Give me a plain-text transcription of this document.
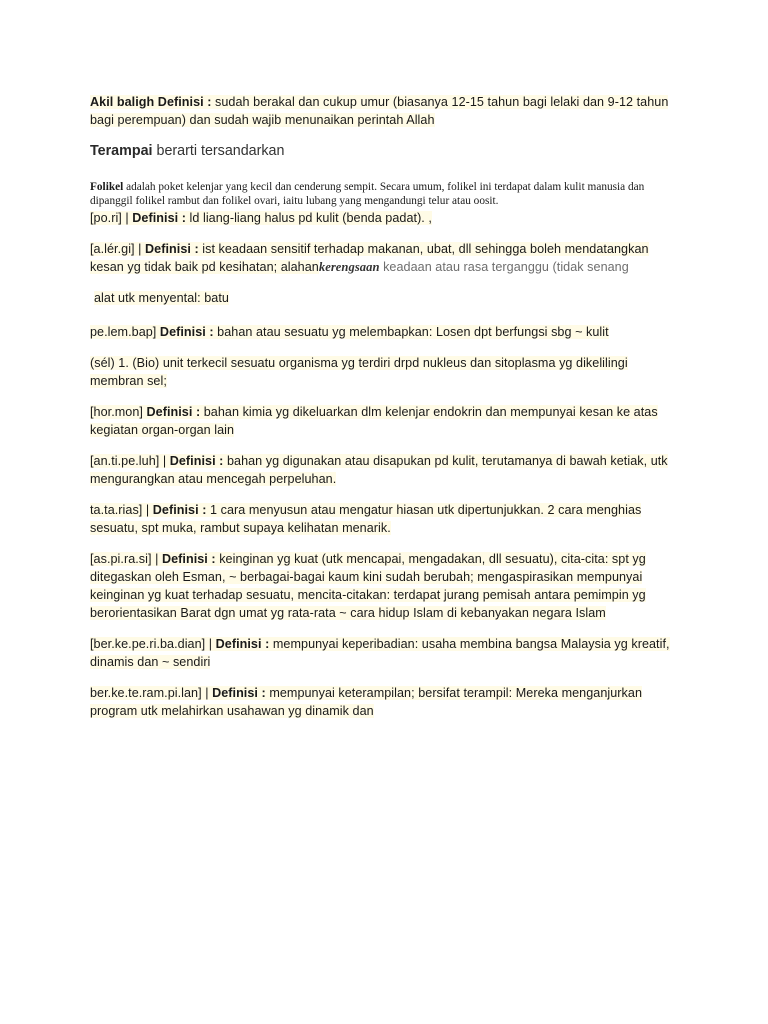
Akil baligh Definisi : sudah berakal dan cukup umur (biasanya 12-15 tahun bagi lelaki dan 9-12 tahun bagi perempuan) dan sudah wajib menunaikan perintah Allah

Terampai berarti tersandarkan

Folikel adalah poket kelenjar yang kecil dan cenderung sempit. Secara umum, folikel ini terdapat dalam kulit manusia dan dipanggil folikel rambut dan folikel ovari, iaitu lubang yang mengandungi telur atau oosit.

[po.ri] | Definisi : ld liang-liang halus pd kulit (benda padat). ,

[a.lér.gi] | Definisi : ist keadaan sensitif terhadap makanan, ubat, dll sehingga boleh mendatangkan kesan yg tidak baik pd kesihatan; alahankerengsaan keadaan atau rasa terganggu (tidak senang

alat utk menyental: batu

pe.lem.bap] Definisi : bahan atau sesuatu yg melembapkan: Losen dpt berfungsi sbg ~ kulit

(sél) 1. (Bio) unit terkecil sesuatu organisma yg terdiri drpd nukleus dan sitoplasma yg dikelilingi membran sel;

[hor.mon] Definisi : bahan kimia yg dikeluarkan dlm kelenjar endokrin dan mempunyai kesan ke atas kegiatan organ-organ lain

[an.ti.pe.luh] | Definisi : bahan yg digunakan atau disapukan pd kulit, terutamanya di bawah ketiak, utk mengurangkan atau mencegah perpeluhan.

ta.ta.rias] | Definisi : 1 cara menyusun atau mengatur hiasan utk dipertunjukkan. 2 cara menghias sesuatu, spt muka, rambut supaya kelihatan menarik.

[as.pi.ra.si] | Definisi : keinginan yg kuat (utk mencapai, mengadakan, dll sesuatu), cita-cita: spt yg ditegaskan oleh Esman, ~ berbagai-bagai kaum kini sudah berubah; mengaspirasikan mempunyai keinginan yg kuat terhadap sesuatu, mencita-citakan: terdapat jurang pemisah antara pemimpin yg berorientasikan Barat dgn umat yg rata-rata ~ cara hidup Islam di kebanyakan negara Islam

[ber.ke.pe.ri.ba.dian] | Definisi : mempunyai keperibadian: usaha membina bangsa Malaysia yg kreatif, dinamis dan ~ sendiri

ber.ke.te.ram.pi.lan] | Definisi : mempunyai keterampilan; bersifat terampil: Mereka menganjurkan program utk melahirkan usahawan yg dinamik dan
